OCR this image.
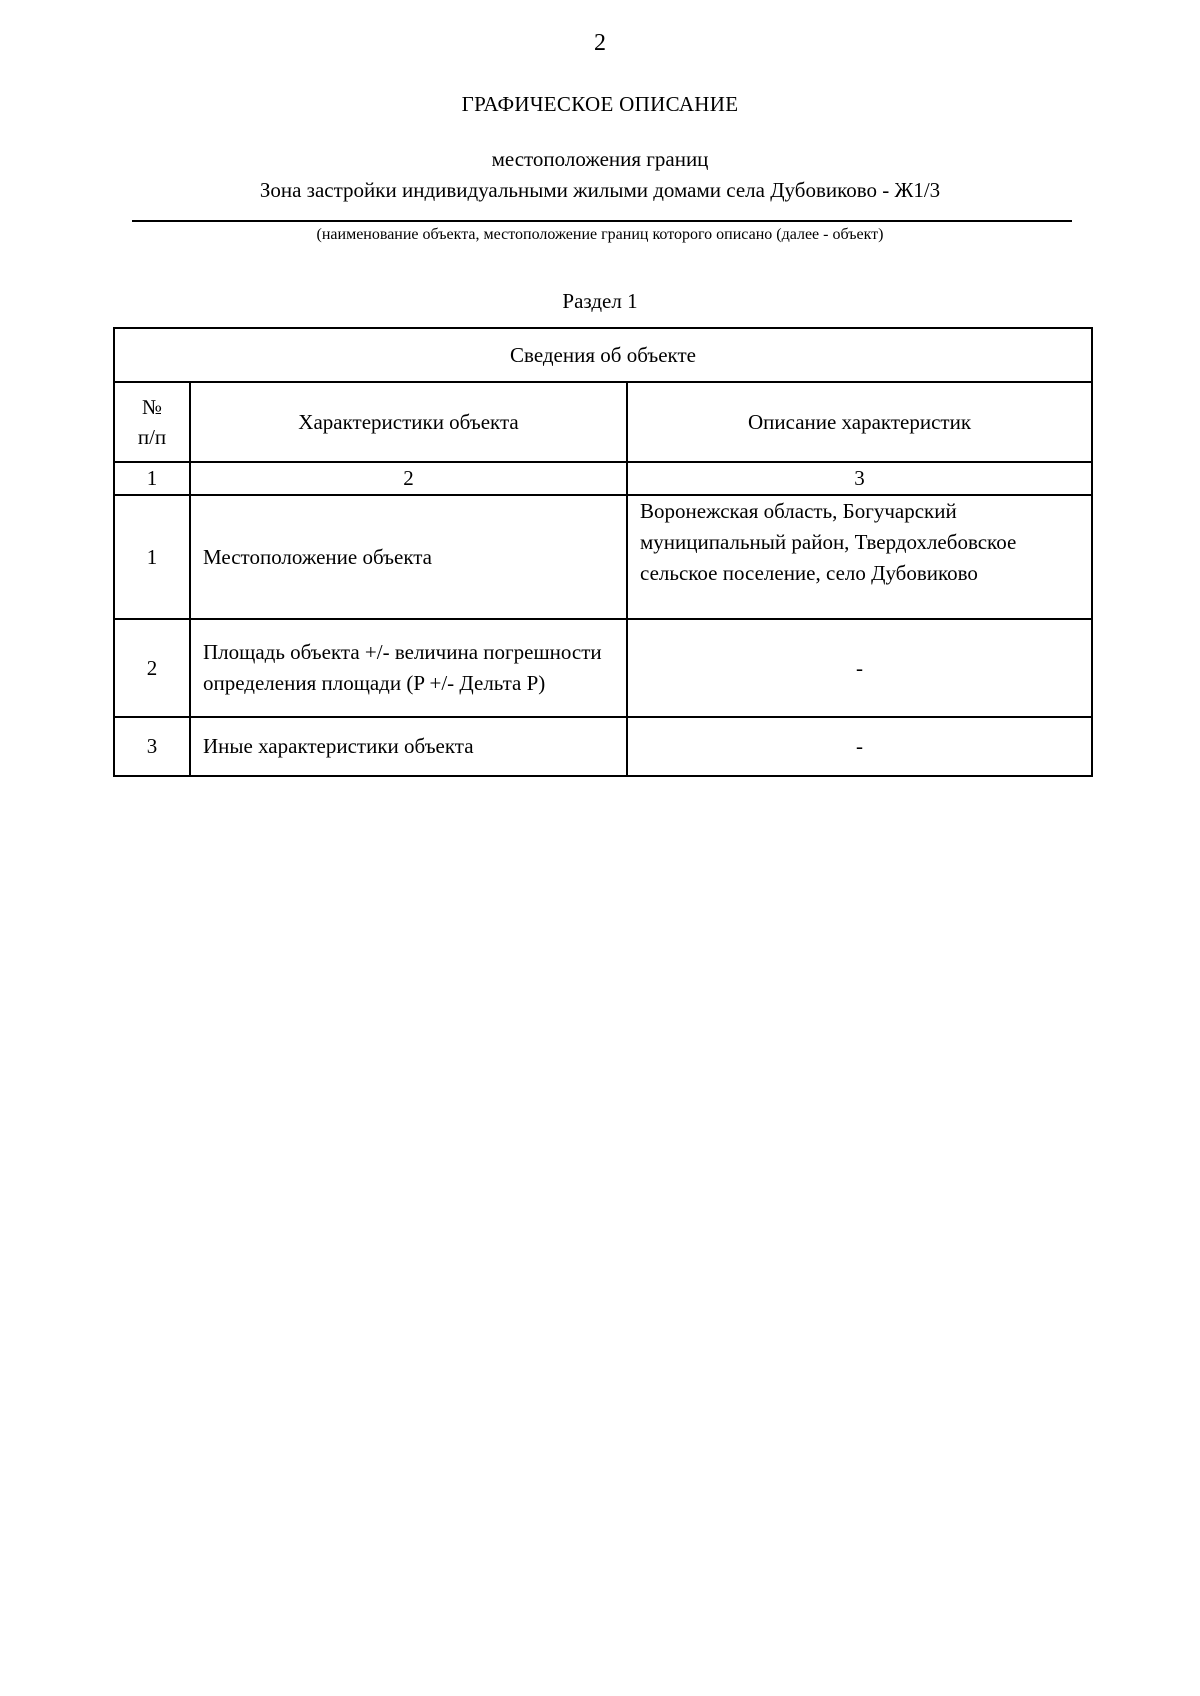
2
ГРАФИЧЕСКОЕ ОПИСАНИЕ
местоположения границ
Зона застройки индивидуальными жилыми домами села Дубовиково - Ж1/3
(наименование объекта, местоположение границ которого описано (далее - объект)
Раздел 1
Сведения об объекте		

№
п/п	Характеристики объекта	Описание характеристик
1	2	3
1	Местоположение объекта	Воронежская область, Богучарский муниципальный район, Твердохлебовское сельское поселение, село Дубовиково
2	Площадь объекта +/- величина погрешности определения площади (P +/- Дельта P)	-
3	Иные характеристики объекта	-
